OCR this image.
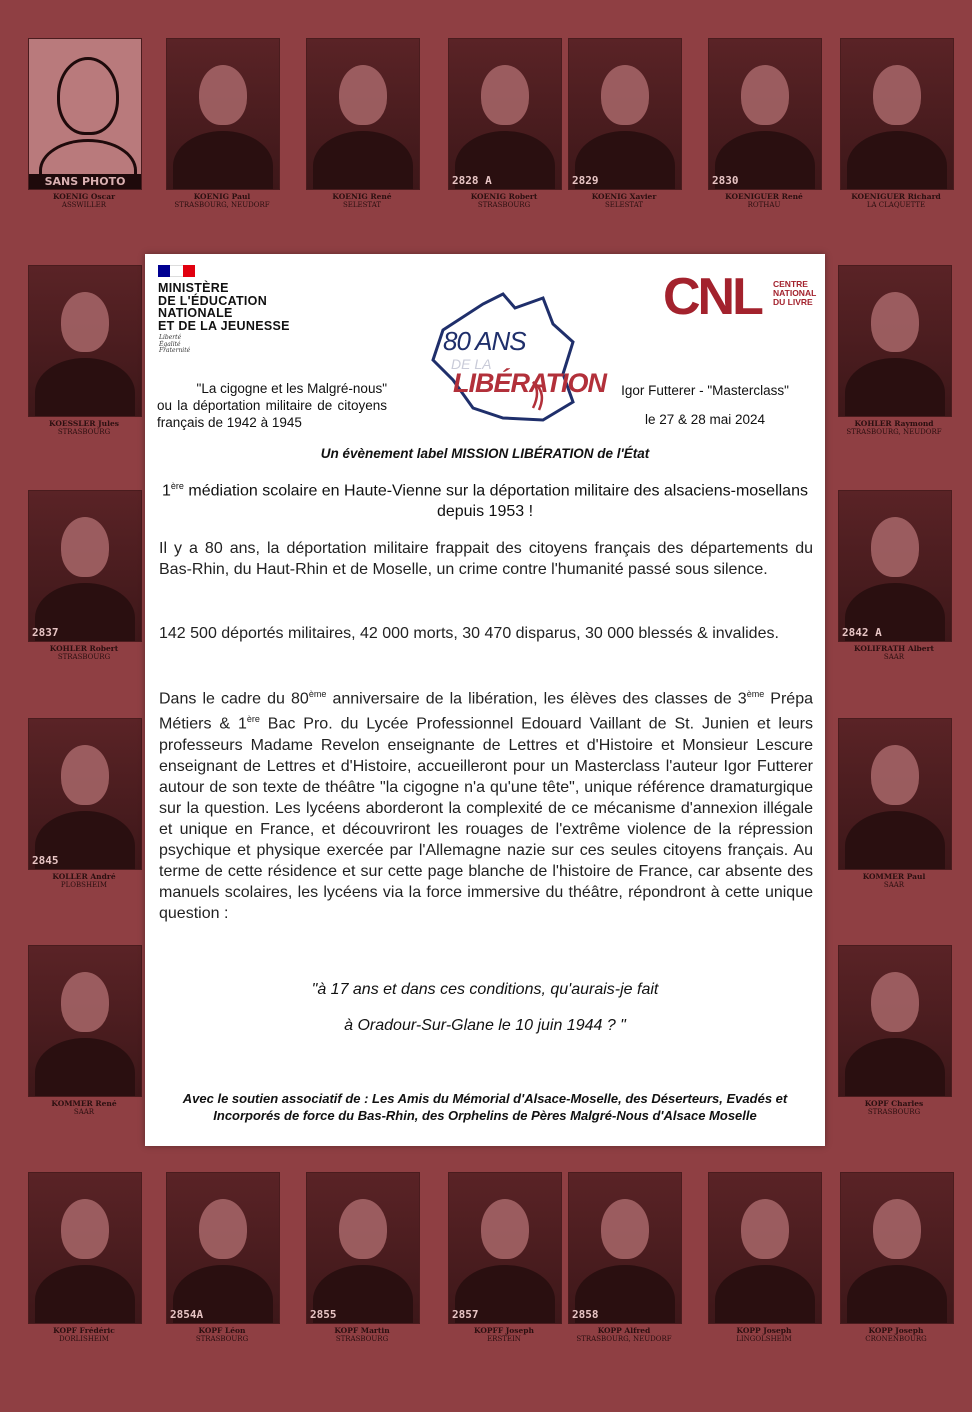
SANS PHOTO
KOENIG Oscar
ASSWILLER
KOENIG Paul
STRASBOURG, NEUDORF
KOENIG René
SELESTAT
2828 A
KOENIG Robert
STRASBOURG
2829
KOENIG Xavier
SELESTAT
2830
KOENIGUER René
ROTHAU
KOENIGUER Richard
LA CLAQUETTE
KOESSLER Jules
STRASBOURG
2837
KOHLER Robert
STRASBOURG
2845
KOLLER André
PLOBSHEIM
KOMMER René
SAAR
KOHLER Raymond
STRASBOURG, NEUDORF
2842 A
KOLIFRATH Albert
SAAR
KOMMER Paul
SAAR
KOPF Charles
STRASBOURG
KOPF Frédéric
DORLISHEIM
2854A
KOPF Léon
STRASBOURG
2855
KOPF Martin
STRASBOURG
2857
KOPFF Joseph
ERSTEIN
2858
KOPP Alfred
STRASBOURG, NEUDORF
KOPP Joseph
LINGOLSHEIM
KOPP Joseph
CRONENBOURG
MINISTÈRE
DE L'ÉDUCATION
NATIONALE
ET DE LA JEUNESSE
Liberté
Égalité
Fraternité	80 ANS
DE LA
LIBÉRATION
CNL CENTRE
NATIONAL
DU LIVRE
"La cigogne et les Malgré-nous"
ou la déportation militaire de citoyens français de 1942 à 1945
Igor Futterer - "Masterclass"
le 27 & 28 mai 2024
Un évènement label MISSION LIBÉRATION de l'État
1ère médiation scolaire en Haute-Vienne sur la déportation militaire des alsaciens-mosellans depuis 1953 !
Il y a 80 ans, la déportation militaire frappait des citoyens français des départements du Bas-Rhin, du Haut-Rhin et de Moselle, un crime contre l'humanité passé sous silence.
142 500 déportés militaires, 42 000 morts, 30 470 disparus, 30 000 blessés & invalides.
Dans le cadre du 80ème anniversaire de la libération, les élèves des classes de 3ème Prépa Métiers & 1ère Bac Pro. du Lycée Professionnel Edouard Vaillant de St. Junien et leurs professeurs Madame Revelon enseignante de Lettres et d'Histoire et Monsieur Lescure enseignant de Lettres et d'Histoire, accueilleront pour un Masterclass l'auteur Igor Futterer autour de son texte de théâtre "la cigogne n'a qu'une tête", unique référence dramaturgique sur la question. Les lycéens aborderont la complexité de ce mécanisme d'annexion illégale et unique en France, et découvriront les rouages de l'extrême violence de la répression psychique et physique exercée par l'Allemagne nazie sur ces seules citoyens français. Au terme de cette résidence et sur cette page blanche de l'histoire de France, car absente des manuels scolaires, les lycéens via la force immersive du théâtre, répondront à cette unique question :
"à 17 ans et dans ces conditions, qu'aurais-je fait
à Oradour-Sur-Glane le 10 juin 1944 ? "
Avec le soutien associatif de : Les Amis du Mémorial d'Alsace-Moselle, des Déserteurs, Evadés et Incorporés de force du Bas-Rhin, des Orphelins de Pères Malgré-Nous d'Alsace Moselle
